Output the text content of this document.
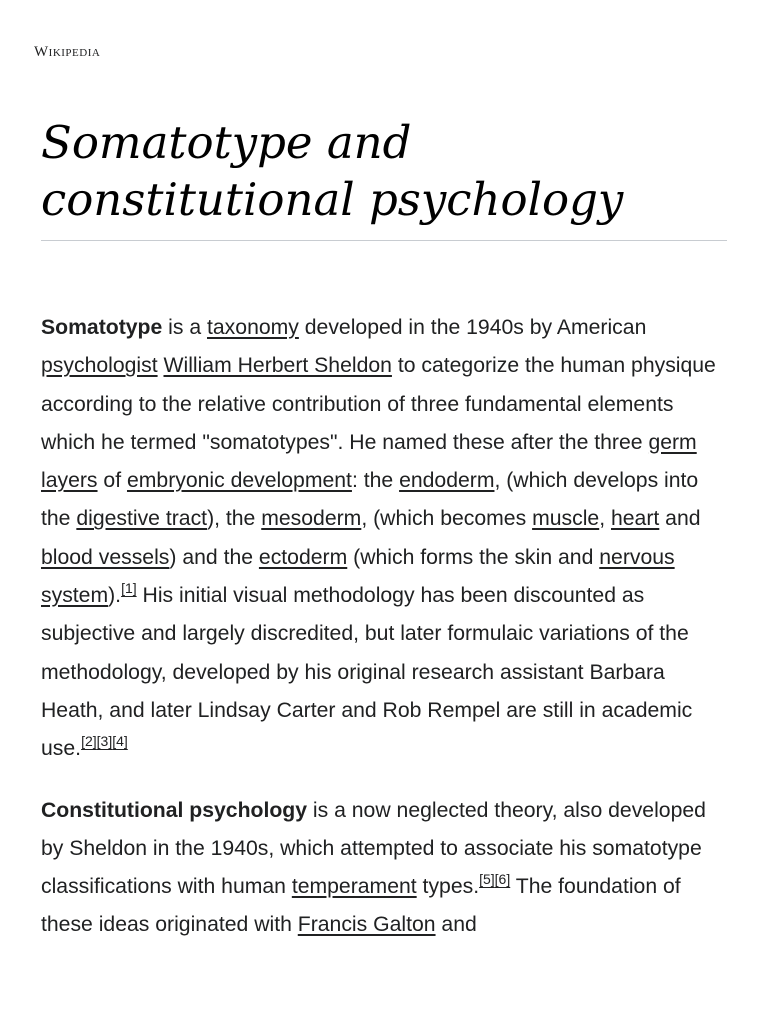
Wikipedia
Somatotype and constitutional psychology

Somatotype is a taxonomy developed in the 1940s by American psychologist William Herbert Sheldon to categorize the human physique according to the relative contribution of three fundamental elements which he termed "somatotypes". He named these after the three germ layers of embryonic development: the endoderm, (which develops into the digestive tract), the mesoderm, (which becomes muscle, heart and blood vessels) and the ectoderm (which forms the skin and nervous system).[1] His initial visual methodology has been discounted as subjective and largely discredited, but later formulaic variations of the methodology, developed by his original research assistant Barbara Heath, and later Lindsay Carter and Rob Rempel are still in academic use.[2][3][4]

Constitutional psychology is a now neglected theory, also developed by Sheldon in the 1940s, which attempted to associate his somatotype classifications with human temperament types.[5][6] The foundation of these ideas originated with Francis Galton and
